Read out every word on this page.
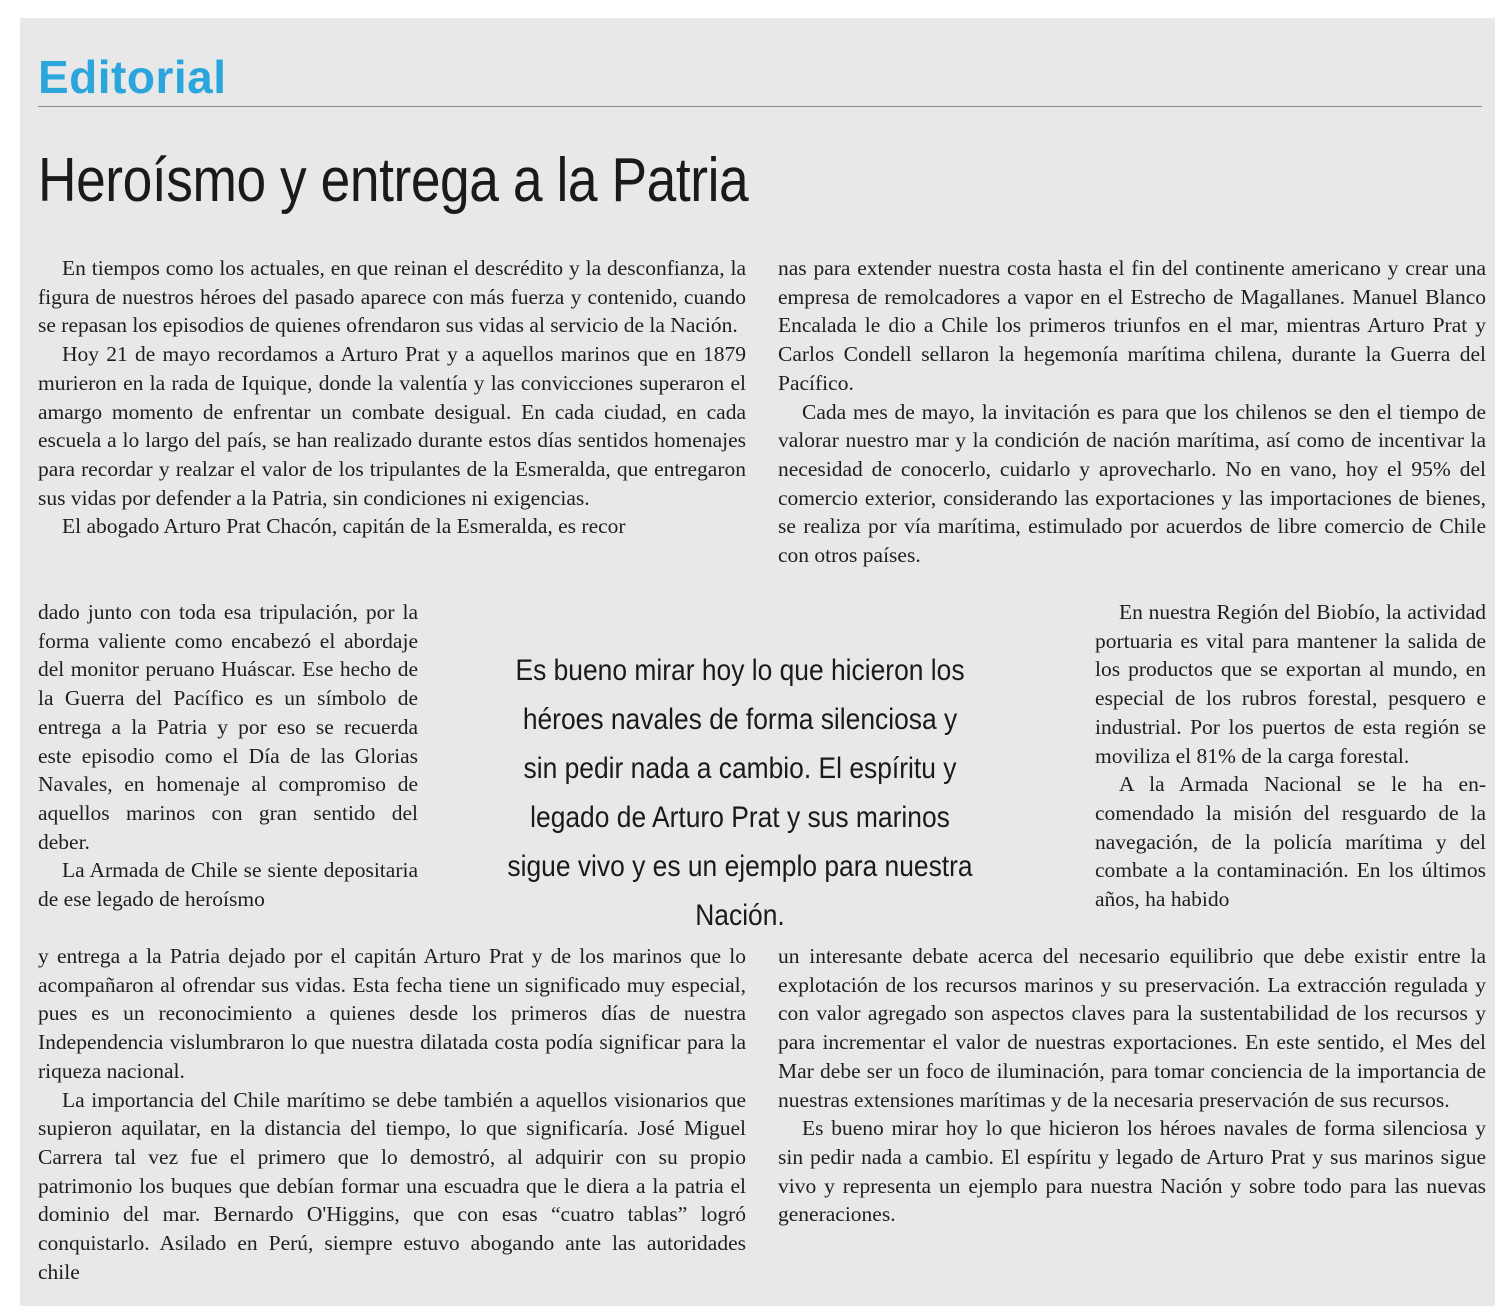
Editorial
Heroísmo y entrega a la Patria

En tiempos como los actuales, en que reinan el descrédito y la desconfianza, la figura de nuestros héroes del pasado aparece con más fuerza y contenido, cuando se repasan los episodios de quienes ofrendaron sus vidas al servicio de la Nación.

Hoy 21 de mayo recordamos a Arturo Prat y a aquellos marinos que en 1879 murieron en la rada de Iquique, donde la valentía y las convicciones superaron el amargo momento de enfrentar un combate desigual. En cada ciudad, en cada escuela a lo largo del país, se han realizado durante estos días sentidos homenajes para recordar y realzar el valor de los tripulantes de la Esmeralda, que entregaron sus vidas por defender a la Patria, sin condiciones ni exigencias.

El abogado Arturo Prat Chacón, capitán de la Esmeralda, es recor

dado junto con toda esa tripulación, por la forma valiente como encabezó el abordaje del monitor peruano Huáscar. Ese hecho de la Guerra del Pacífico es un símbolo de entrega a la Patria y por eso se recuerda este episodio como el Día de las Glorias Navales, en homenaje al compromiso de aquellos marinos con gran sentido del deber.

La Armada de Chile se siente depositaria de ese legado de heroísmo

y entrega a la Patria dejado por el capitán Arturo Prat y de los marinos que lo acompañaron al ofrendar sus vidas. Esta fecha tiene un significado muy especial, pues es un reconocimiento a quienes desde los primeros días de nuestra Independencia vislumbraron lo que nuestra dilatada costa podía significar para la riqueza nacional.

La importancia del Chile marítimo se debe también a aquellos visionarios que supieron aquilatar, en la distancia del tiempo, lo que significaría. José Miguel Carrera tal vez fue el primero que lo demostró, al adquirir con su propio patrimonio los buques que debían formar una escuadra que le diera a la patria el dominio del mar. Bernardo O'Higgins, que con esas “cuatro tablas” logró conquistarlo. Asilado en Perú, siempre estuvo abogando ante las autoridades chile

nas para extender nuestra costa hasta el fin del continente americano y crear una empresa de remolcadores a vapor en el Estrecho de Magallanes. Manuel Blanco Encalada le dio a Chile los primeros triunfos en el mar, mientras Arturo Prat y Carlos Condell sellaron la hegemonía marítima chilena, durante la Guerra del Pacífico.

Cada mes de mayo, la invitación es para que los chilenos se den el tiempo de valorar nuestro mar y la condición de nación marítima, así como de incentivar la necesidad de conocerlo, cuidarlo y aprovecharlo. No en vano, hoy el 95% del comercio exterior, considerando las exportaciones y las importaciones de bienes, se realiza por vía marítima, estimulado por acuerdos de libre comercio de Chile con otros países.

En nuestra Región del Biobío, la actividad portuaria es vital para mantener la salida de los productos que se exportan al mundo, en especial de los rubros forestal, pesquero e industrial. Por los puertos de esta región se moviliza el 81% de la carga forestal.

A la Armada Nacional se le ha encomendado la misión del resguardo de la navegación, de la policía marítima y del combate a la contaminación. En los últimos años, ha habido

un interesante debate acerca del necesario equilibrio que debe existir entre la explotación de los recursos marinos y su preservación. La extracción regulada y con valor agregado son aspectos claves para la sustentabilidad de los recursos y para incrementar el valor de nuestras exportaciones. En este sentido, el Mes del Mar debe ser un foco de iluminación, para tomar conciencia de la importancia de nuestras extensiones marítimas y de la necesaria preservación de sus recursos.

Es bueno mirar hoy lo que hicieron los héroes navales de forma silenciosa y sin pedir nada a cambio. El espíritu y legado de Arturo Prat y sus marinos sigue vivo y representa un ejemplo para nuestra Nación y sobre todo para las nuevas generaciones.

Es bueno mirar hoy lo que hicieron los héroes navales de forma silenciosa y sin pedir nada a cambio. El espíritu y legado de Arturo Prat y sus marinos sigue vivo y es un ejemplo para nuestra Nación.
